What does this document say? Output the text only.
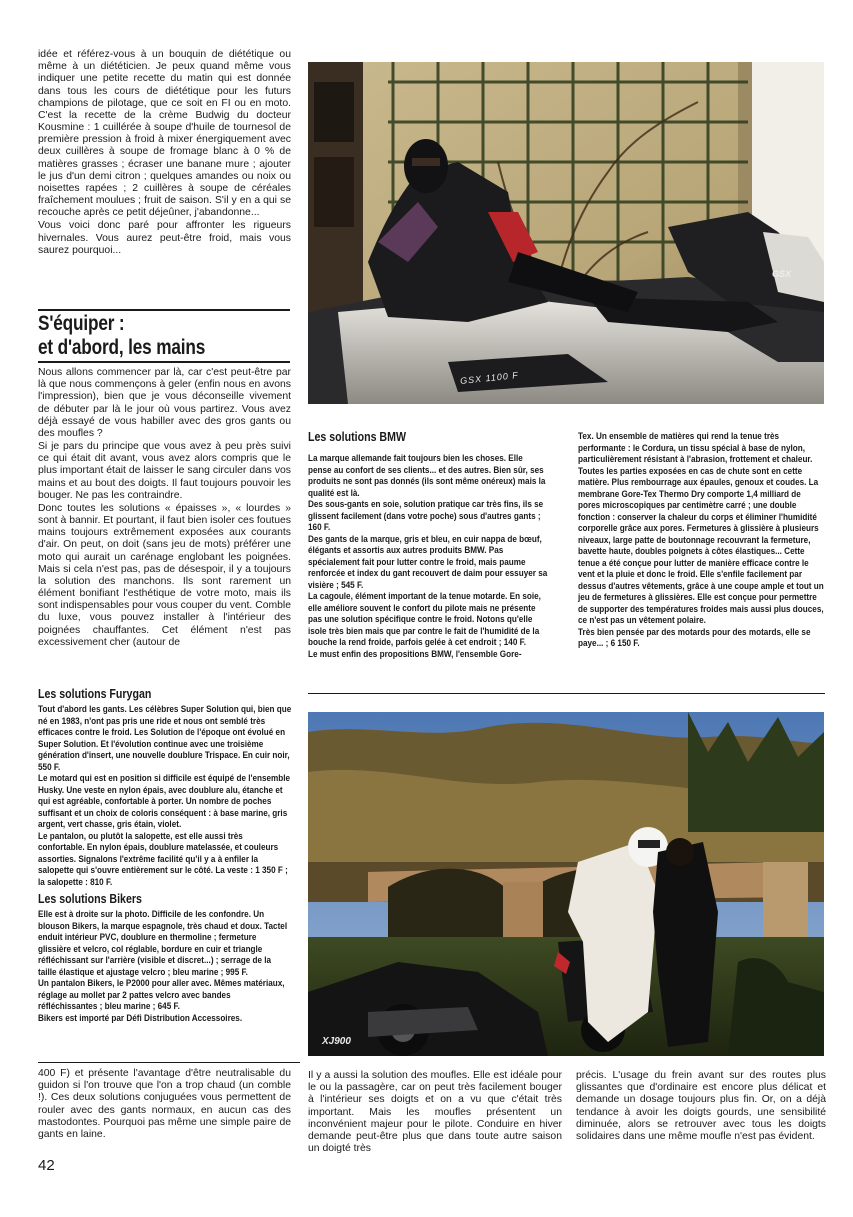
idée et référez-vous à un bouquin de diététique ou même à un diététicien. Je peux quand même vous indiquer une petite recette du matin qui est donnée dans tous les cours de diététique pour les futurs champions de pilotage, que ce soit en FI ou en moto. C'est la recette de la crème Budwig du docteur Kousmine : 1 cuillérée à soupe d'huile de tournesol de première pression à froid à mixer énergiquement avec deux cuillères à soupe de fromage blanc à 0 % de matières grasses ; écraser une banane mure ; ajouter le jus d'un demi citron ; quelques amandes ou noix ou noisettes rapées ; 2 cuillères à soupe de céréales fraîchement moulues ; fruit de saison. S'il y en a qui se recouche après ce petit déjeûner, j'abandonne...

Vous voici donc paré pour affronter les rigueurs hivernales. Vous aurez peut-être froid, mais vous saurez pourquoi...

S'équiper :
et d'abord, les mains

Nous allons commencer par là, car c'est peut-être par là que nous commençons à geler (enfin nous en avons l'impression), bien que je vous déconseille vivement de débuter par là le jour où vous partirez. Vous avez déjà essayé de vous habiller avec des gros gants ou des moufles ?

Si je pars du principe que vous avez à peu près suivi ce qui était dit avant, vous avez alors compris que le plus important était de laisser le sang circuler dans vos mains et au bout des doigts. Il faut toujours pouvoir les bouger. Ne pas les contraindre.

Donc toutes les solutions « épaisses », « lourdes » sont à bannir. Et pourtant, il faut bien isoler ces foutues mains toujours extrêmement exposées aux courants d'air. On peut, on doit (sans jeu de mots) préférer une moto qui aurait un carénage englobant les poignées. Mais si cela n'est pas, pas de désespoir, il y a toujours la solution des manchons. Ils sont rarement un élément bonifiant l'esthétique de votre moto, mais ils sont indispensables pour vous couper du vent. Comble du luxe, vous pouvez installer à l'intérieur des poignées chauffantes. Cet élément n'est pas excessivement cher (autour de

Les solutions Furygan

Tout d'abord les gants. Les célèbres Super Solution qui, bien que né en 1983, n'ont pas pris une ride et nous ont semblé très efficaces contre le froid. Les Solution de l'époque ont évolué en Super Solution. Et l'évolution continue avec une troisième génération d'insert, une nouvelle doublure Trispace. En cuir noir, 550 F.

Le motard qui est en position si difficile est équipé de l'ensemble Husky. Une veste en nylon épais, avec doublure alu, étanche et qui est agréable, confortable à porter. Un nombre de poches suffisant et un choix de coloris conséquent : à base marine, gris argent, vert chasse, gris étain, violet.

Le pantalon, ou plutôt la salopette, est elle aussi très confortable. En nylon épais, doublure matelassée, et couleurs assorties. Signalons l'extrême facilité qu'il y a à enfiler la salopette qui s'ouvre entièrement sur le côté. La veste : 1 350 F ; la salopette : 810 F.

Les solutions Bikers

Elle est à droite sur la photo. Difficile de les confondre. Un blouson Bikers, la marque espagnole, très chaud et doux. Tactel enduit intérieur PVC, doublure en thermoline ; fermeture glissière et velcro, col réglable, bordure en cuir et triangle réfléchissant sur l'arrière (visible et discret...) ; serrage de la taille élastique et ajustage velcro ; bleu marine ; 995 F.

Un pantalon Bikers, le P2000 pour aller avec. Mêmes matériaux, réglage au mollet par 2 pattes velcro avec bandes réfléchissantes ; bleu marine ; 645 F.

Bikers est importé par Défi Distribution Accessoires.

400 F) et présente l'avantage d'être neutralisable du guidon si l'on trouve que l'on a trop chaud (un comble !). Ces deux solutions conjuguées vous permettent de rouler avec des gants normaux, en aucun cas des mastodontes. Pourquoi pas même une simple paire de gants en laine.

42
GSX 1100 F
GSX
Les solutions BMW

La marque allemande fait toujours bien les choses. Elle pense au confort de ses clients... et des autres. Bien sûr, ses produits ne sont pas donnés (ils sont même onéreux) mais la qualité est là.

Des sous-gants en soie, solution pratique car très fins, ils se glissent facilement (dans votre poche) sous d'autres gants ; 160 F.

Des gants de la marque, gris et bleu, en cuir nappa de bœuf, élégants et assortis aux autres produits BMW. Pas spécialement fait pour lutter contre le froid, mais paume renforcée et index du gant recouvert de daim pour essuyer sa visière ; 545 F.

La cagoule, élément important de la tenue motarde. En soie, elle améliore souvent le confort du pilote mais ne présente pas une solution spécifique contre le froid. Notons qu'elle isole très bien mais que par contre le fait de l'humidité de la bouche la rend froide, parfois gelée à cet endroit ; 140 F.

Le must enfin des propositions BMW, l'ensemble Gore-

Tex. Un ensemble de matières qui rend la tenue très performante : le Cordura, un tissu spécial à base de nylon, particulièrement résistant à l'abrasion, frottement et chaleur. Toutes les parties exposées en cas de chute sont en cette matière. Plus rembourrage aux épaules, genoux et coudes. La membrane Gore-Tex Thermo Dry comporte 1,4 milliard de pores microscopiques par centimètre carré ; une double fonction : conserver la chaleur du corps et éliminer l'humidité corporelle grâce aux pores. Fermetures à glissière à plusieurs niveaux, large patte de boutonnage recouvrant la fermeture, bavette haute, doubles poignets à côtes élastiques... Cette tenue a été conçue pour lutter de manière efficace contre le vent et la pluie et donc le froid. Elle s'enfile facilement par dessus d'autres vêtements, grâce à une coupe ample et tout un jeu de fermetures à glissières. Elle est conçue pour permettre de supporter des températures froides mais aussi plus douces, ce n'est pas un vêtement polaire.

Très bien pensée par des motards pour des motards, elle se paye... ; 6 150 F.

XJ900

Il y a aussi la solution des moufles. Elle est idéale pour le ou la passagère, car on peut très facilement bouger à l'intérieur ses doigts et on a vu que c'était très important. Mais les moufles présentent un inconvénient majeur pour le pilote. Conduire en hiver demande peut-être plus que dans toute autre saison un doigté très

précis. L'usage du frein avant sur des routes plus glissantes que d'ordinaire est encore plus délicat et demande un dosage toujours plus fin. Or, on a déjà tendance à avoir les doigts gourds, une sensibilité diminuée, alors se retrouver avec tous les doigts solidaires dans une même moufle n'est pas évident.
